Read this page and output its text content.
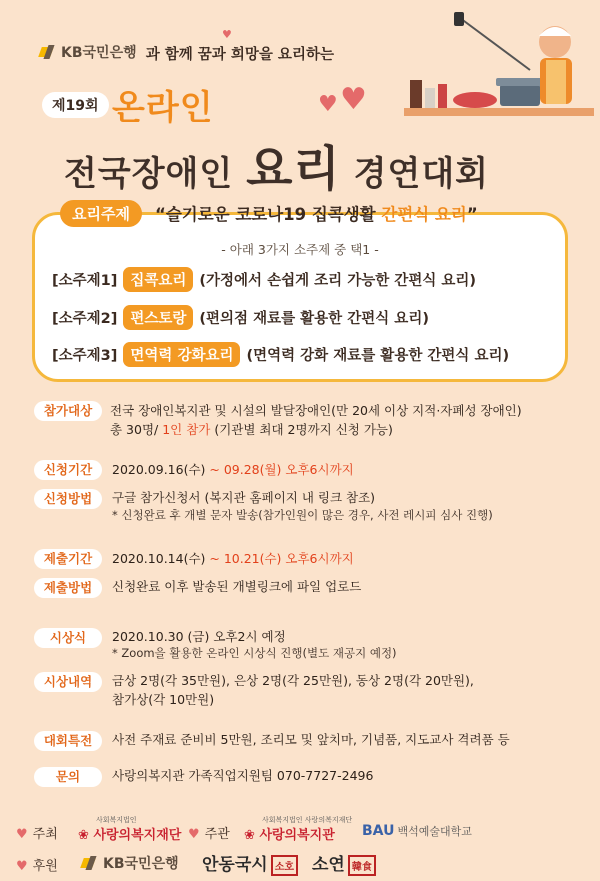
KB국민은행 과 함께 꿈과 희망을 요리하는
제19회 온라인
전국장애인 요리 경연대회
♥ ♥
♥
요리주제	“슬기로운 코로나19 집콕생활 간편식 요리”
- 아래 3가지 소주제 중 택1 -
[소주제1] 집콕요리 (가정에서 손쉽게 조리 가능한 간편식 요리)
[소주제2] 편스토랑 (편의점 재료를 활용한 간편식 요리)
[소주제3] 면역력 강화요리 (면역력 강화 재료를 활용한 간편식 요리)
참가대상	전국 장애인복지관 및 시설의 발달장애인(만 20세 이상 지적·자폐성 장애인)
총 30명/ 1인 참가 (기관별 최대 2명까지 신청 가능)
신청기간	2020.09.16(수) ~ 09.28(월) 오후6시까지
신청방법	구글 참가신청서 (복지관 홈페이지 내 링크 참조)
* 신청완료 후 개별 문자 발송(참가인원이 많은 경우, 사전 레시피 심사 진행)
제출기간	2020.10.14(수) ~ 10.21(수) 오후6시까지
제출방법	신청완료 이후 발송된 개별링크에 파일 업로드
시상식	2020.10.30 (금) 오후2시 예정
* Zoom을 활용한 온라인 시상식 진행(별도 재공지 예정)
시상내역	금상 2명(각 35만원), 은상 2명(각 25만원), 동상 2명(각 20만원),
참가상(각 10만원)
대회특전	사전 주재료 준비비 5만원, 조리모 및 앞치마, 기념품, 지도교사 격려품 등
문의	사랑의복지관 가족직업지원팀 070-7727-2496
♥ 주최
사회복지법인
❀ 사랑의복지재단 ♥ 주관
사회복지법인 사랑의복지재단
❀ 사랑의복지관	BAU 백석예술대학교
♥ 후원	KB국민은행 안동국시 소호 소연 韓食
